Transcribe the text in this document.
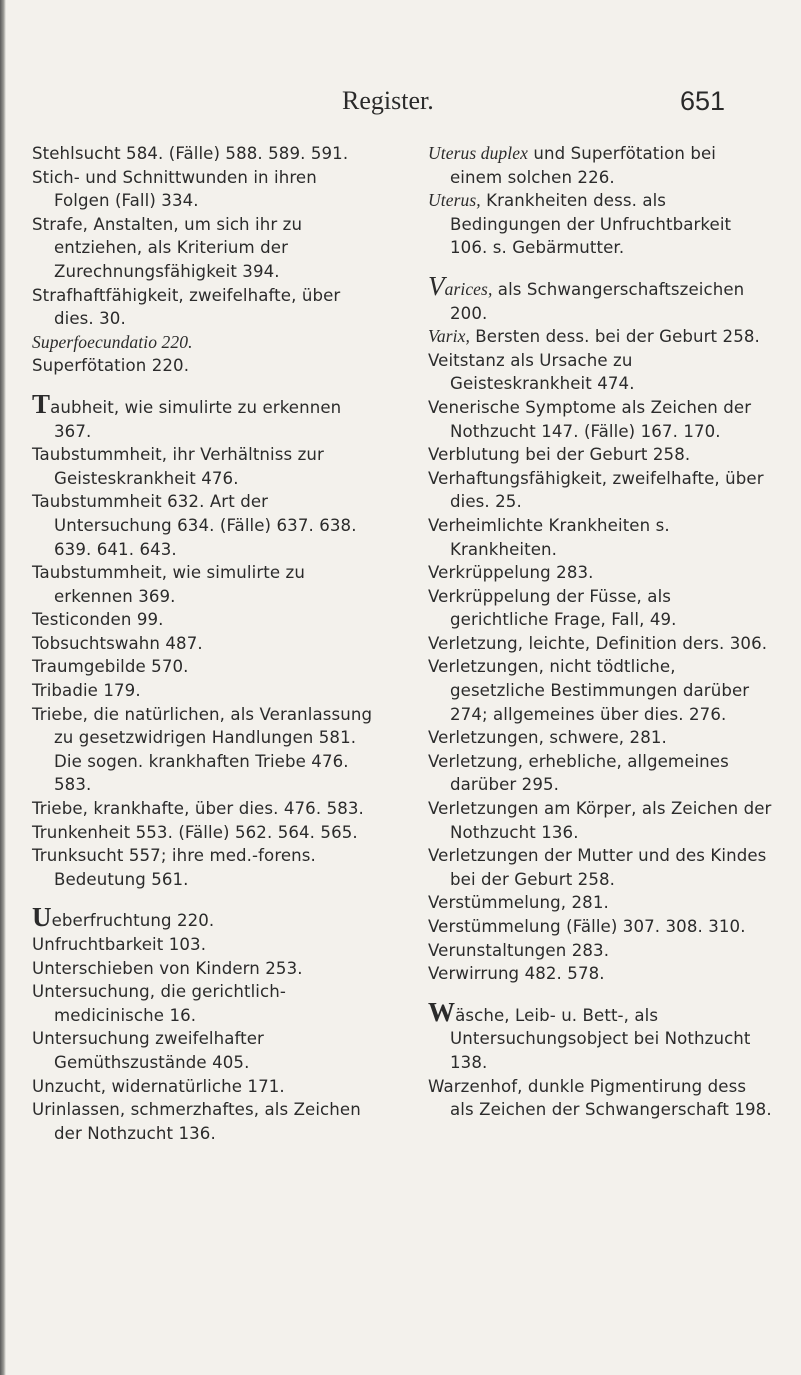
Register.	651

Stehlsucht 584. (Fälle) 588. 589. 591.

Stich- und Schnittwunden in ihren Folgen (Fall) 334.

Strafe, Anstalten, um sich ihr zu entziehen, als Kriterium der Zurechnungsfähigkeit 394.

Strafhaftfähigkeit, zweifelhafte, über dies. 30.

Superfoecundatio 220.

Superfötation 220.

Taubheit, wie simulirte zu erkennen 367.

Taubstummheit, ihr Verhältniss zur Geisteskrankheit 476.

Taubstummheit 632. Art der Untersuchung 634. (Fälle) 637. 638. 639. 641. 643.

Taubstummheit, wie simulirte zu erkennen 369.

Testiconden 99.

Tobsuchtswahn 487.

Traumgebilde 570.

Tribadie 179.

Triebe, die natürlichen, als Veranlassung zu gesetzwidrigen Handlungen 581. Die sogen. krankhaften Triebe 476. 583.

Triebe, krankhafte, über dies. 476. 583.

Trunkenheit 553. (Fälle) 562. 564. 565.

Trunksucht 557; ihre med.-forens. Bedeutung 561.

Ueberfruchtung 220.

Unfruchtbarkeit 103.

Unterschieben von Kindern 253.

Untersuchung, die gerichtlich-medicinische 16.

Untersuchung zweifelhafter Gemüthszustände 405.

Unzucht, widernatürliche 171.

Urinlassen, schmerzhaftes, als Zeichen der Nothzucht 136.

Uterus duplex und Superfötation bei einem solchen 226.

Uterus, Krankheiten dess. als Bedingungen der Unfruchtbarkeit 106. s. Gebärmutter.

Varices, als Schwangerschaftszeichen 200.

Varix, Bersten dess. bei der Geburt 258.

Veitstanz als Ursache zu Geisteskrankheit 474.

Venerische Symptome als Zeichen der Nothzucht 147. (Fälle) 167. 170.

Verblutung bei der Geburt 258.

Verhaftungsfähigkeit, zweifelhafte, über dies. 25.

Verheimlichte Krankheiten s. Krankheiten.

Verkrüppelung 283.

Verkrüppelung der Füsse, als gerichtliche Frage, Fall, 49.

Verletzung, leichte, Definition ders. 306.

Verletzungen, nicht tödtliche, gesetzliche Bestimmungen darüber 274; allgemeines über dies. 276.

Verletzungen, schwere, 281.

Verletzung, erhebliche, allgemeines darüber 295.

Verletzungen am Körper, als Zeichen der Nothzucht 136.

Verletzungen der Mutter und des Kindes bei der Geburt 258.

Verstümmelung, 281.

Verstümmelung (Fälle) 307. 308. 310.

Verunstaltungen 283.

Verwirrung 482. 578.

Wäsche, Leib- u. Bett-, als Untersuchungsobject bei Nothzucht 138.

Warzenhof, dunkle Pigmentirung dess als Zeichen der Schwangerschaft 198.
